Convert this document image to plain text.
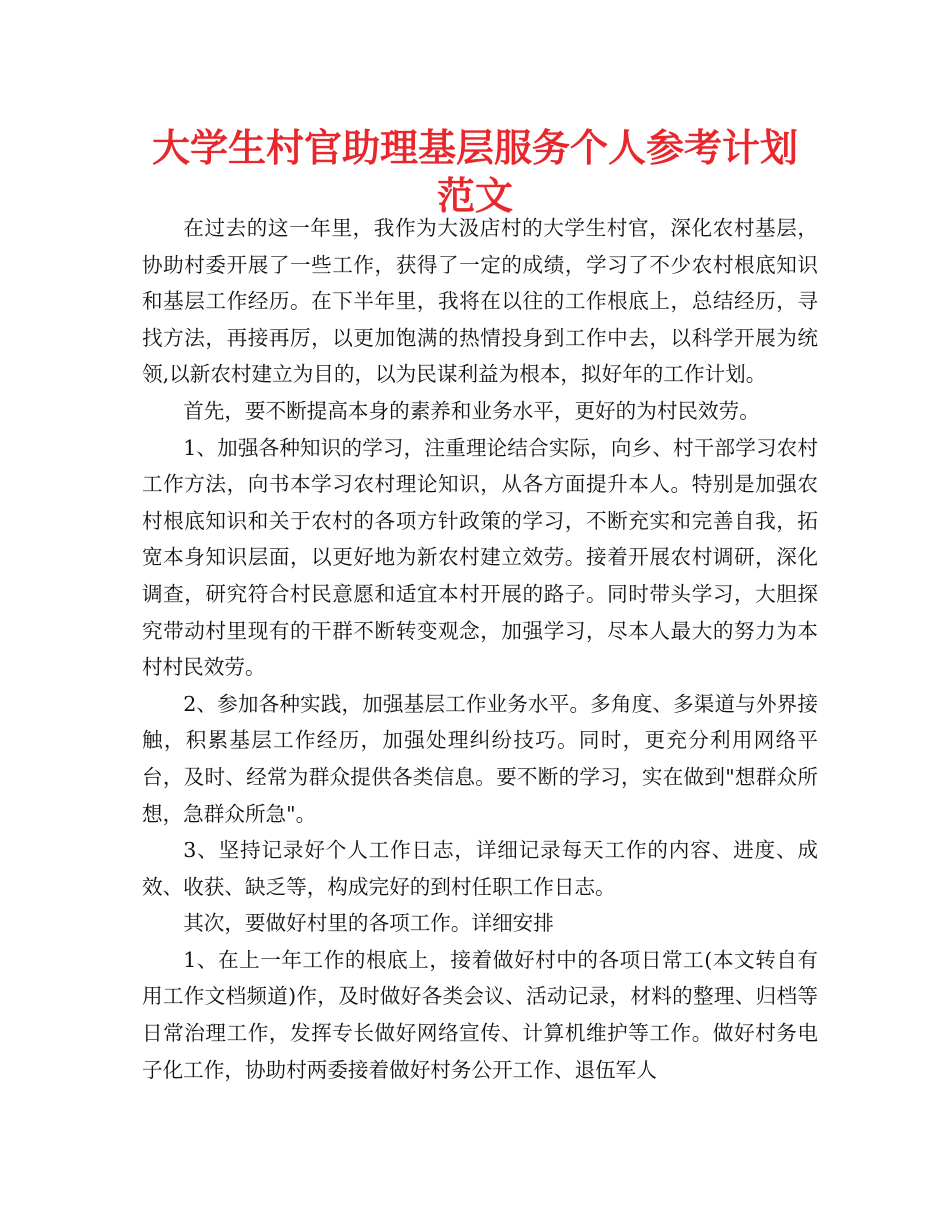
大学生村官助理基层服务个人参考计划范文

在过去的这一年里，我作为大汲店村的大学生村官，深化农村基层，协助村委开展了一些工作，获得了一定的成绩，学习了不少农村根底知识和基层工作经历。在下半年里，我将在以往的工作根底上，总结经历，寻找方法，再接再厉，以更加饱满的热情投身到工作中去，以科学开展为统领,以新农村建立为目的，以为民谋利益为根本，拟好年的工作计划。

首先，要不断提高本身的素养和业务水平，更好的为村民效劳。

1、加强各种知识的学习，注重理论结合实际，向乡、村干部学习农村工作方法，向书本学习农村理论知识，从各方面提升本人。特别是加强农村根底知识和关于农村的各项方针政策的学习，不断充实和完善自我，拓宽本身知识层面，以更好地为新农村建立效劳。接着开展农村调研，深化调查，研究符合村民意愿和适宜本村开展的路子。同时带头学习，大胆探究带动村里现有的干群不断转变观念，加强学习，尽本人最大的努力为本村村民效劳。

2、参加各种实践，加强基层工作业务水平。多角度、多渠道与外界接触，积累基层工作经历，加强处理纠纷技巧。同时，更充分利用网络平台，及时、经常为群众提供各类信息。要不断的学习，实在做到"想群众所想，急群众所急"。

3、坚持记录好个人工作日志，详细记录每天工作的内容、进度、成效、收获、缺乏等，构成完好的到村任职工作日志。

其次，要做好村里的各项工作。详细安排

1、在上一年工作的根底上，接着做好村中的各项日常工(本文转自有用工作文档频道)作，及时做好各类会议、活动记录，材料的整理、归档等日常治理工作，发挥专长做好网络宣传、计算机维护等工作。做好村务电子化工作，协助村两委接着做好村务公开工作、退伍军人
